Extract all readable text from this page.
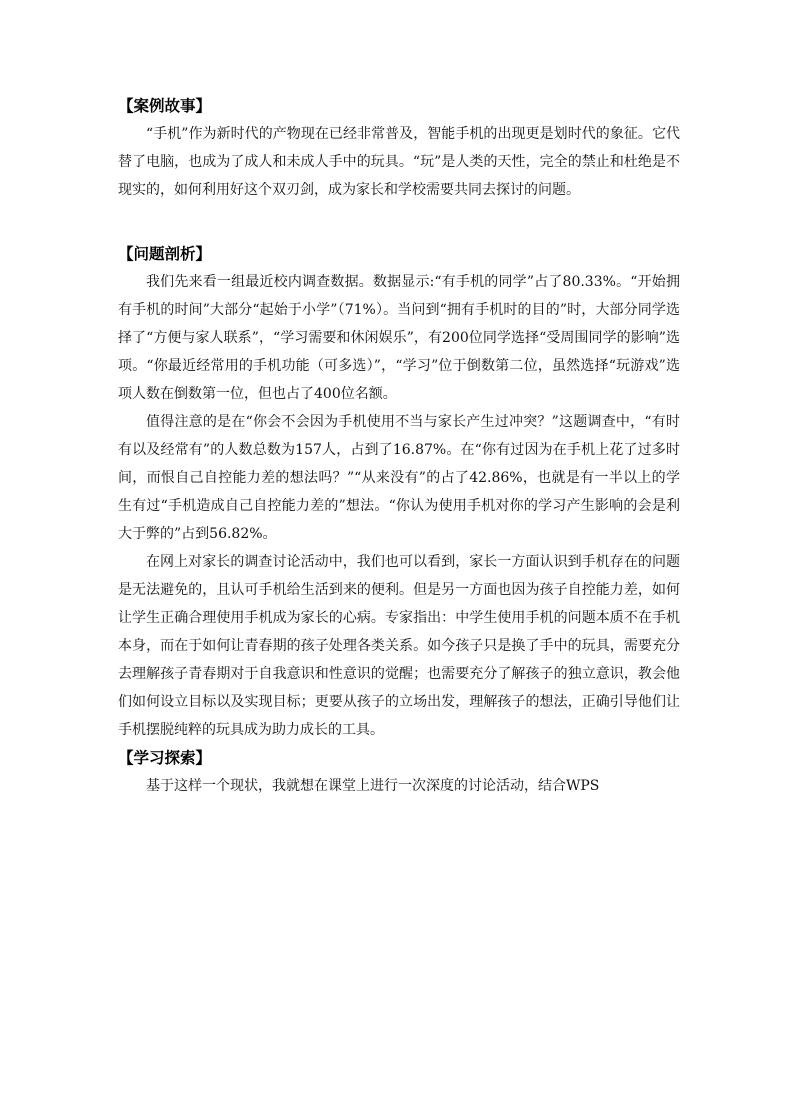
【案例故事】

“手机”作为新时代的产物现在已经非常普及，智能手机的出现更是划时代的象征。它代替了电脑，也成为了成人和未成人手中的玩具。“玩”是人类的天性，完全的禁止和杜绝是不现实的，如何利用好这个双刃剑，成为家长和学校需要共同去探讨的问题。

【问题剖析】

我们先来看一组最近校内调查数据。数据显示:“有手机的同学”占了80.33%。“开始拥有手机的时间”大部分“起始于小学”（71%）。当问到“拥有手机时的目的”时，大部分同学选择了“方便与家人联系”，“学习需要和休闲娱乐”，有200位同学选择“受周围同学的影响”选项。“你最近经常用的手机功能（可多选）”，“学习”位于倒数第二位，虽然选择“玩游戏”选项人数在倒数第一位，但也占了400位名额。

值得注意的是在“你会不会因为手机使用不当与家长产生过冲突？”这题调查中，“有时有以及经常有”的人数总数为157人，占到了16.87%。在“你有过因为在手机上花了过多时间，而恨自己自控能力差的想法吗？”“从来没有”的占了42.86%，也就是有一半以上的学生有过“手机造成自己自控能力差的”想法。“你认为使用手机对你的学习产生影响的会是利大于弊的”占到56.82%。

在网上对家长的调查讨论活动中，我们也可以看到，家长一方面认识到手机存在的问题是无法避免的，且认可手机给生活到来的便利。但是另一方面也因为孩子自控能力差，如何让学生正确合理使用手机成为家长的心病。专家指出：中学生使用手机的问题本质不在手机本身，而在于如何让青春期的孩子处理各类关系。如今孩子只是换了手中的玩具，需要充分去理解孩子青春期对于自我意识和性意识的觉醒；也需要充分了解孩子的独立意识，教会他们如何设立目标以及实现目标；更要从孩子的立场出发，理解孩子的想法，正确引导他们让手机摆脱纯粹的玩具成为助力成长的工具。

【学习探索】

基于这样一个现状，我就想在课堂上进行一次深度的讨论活动，结合WPS
